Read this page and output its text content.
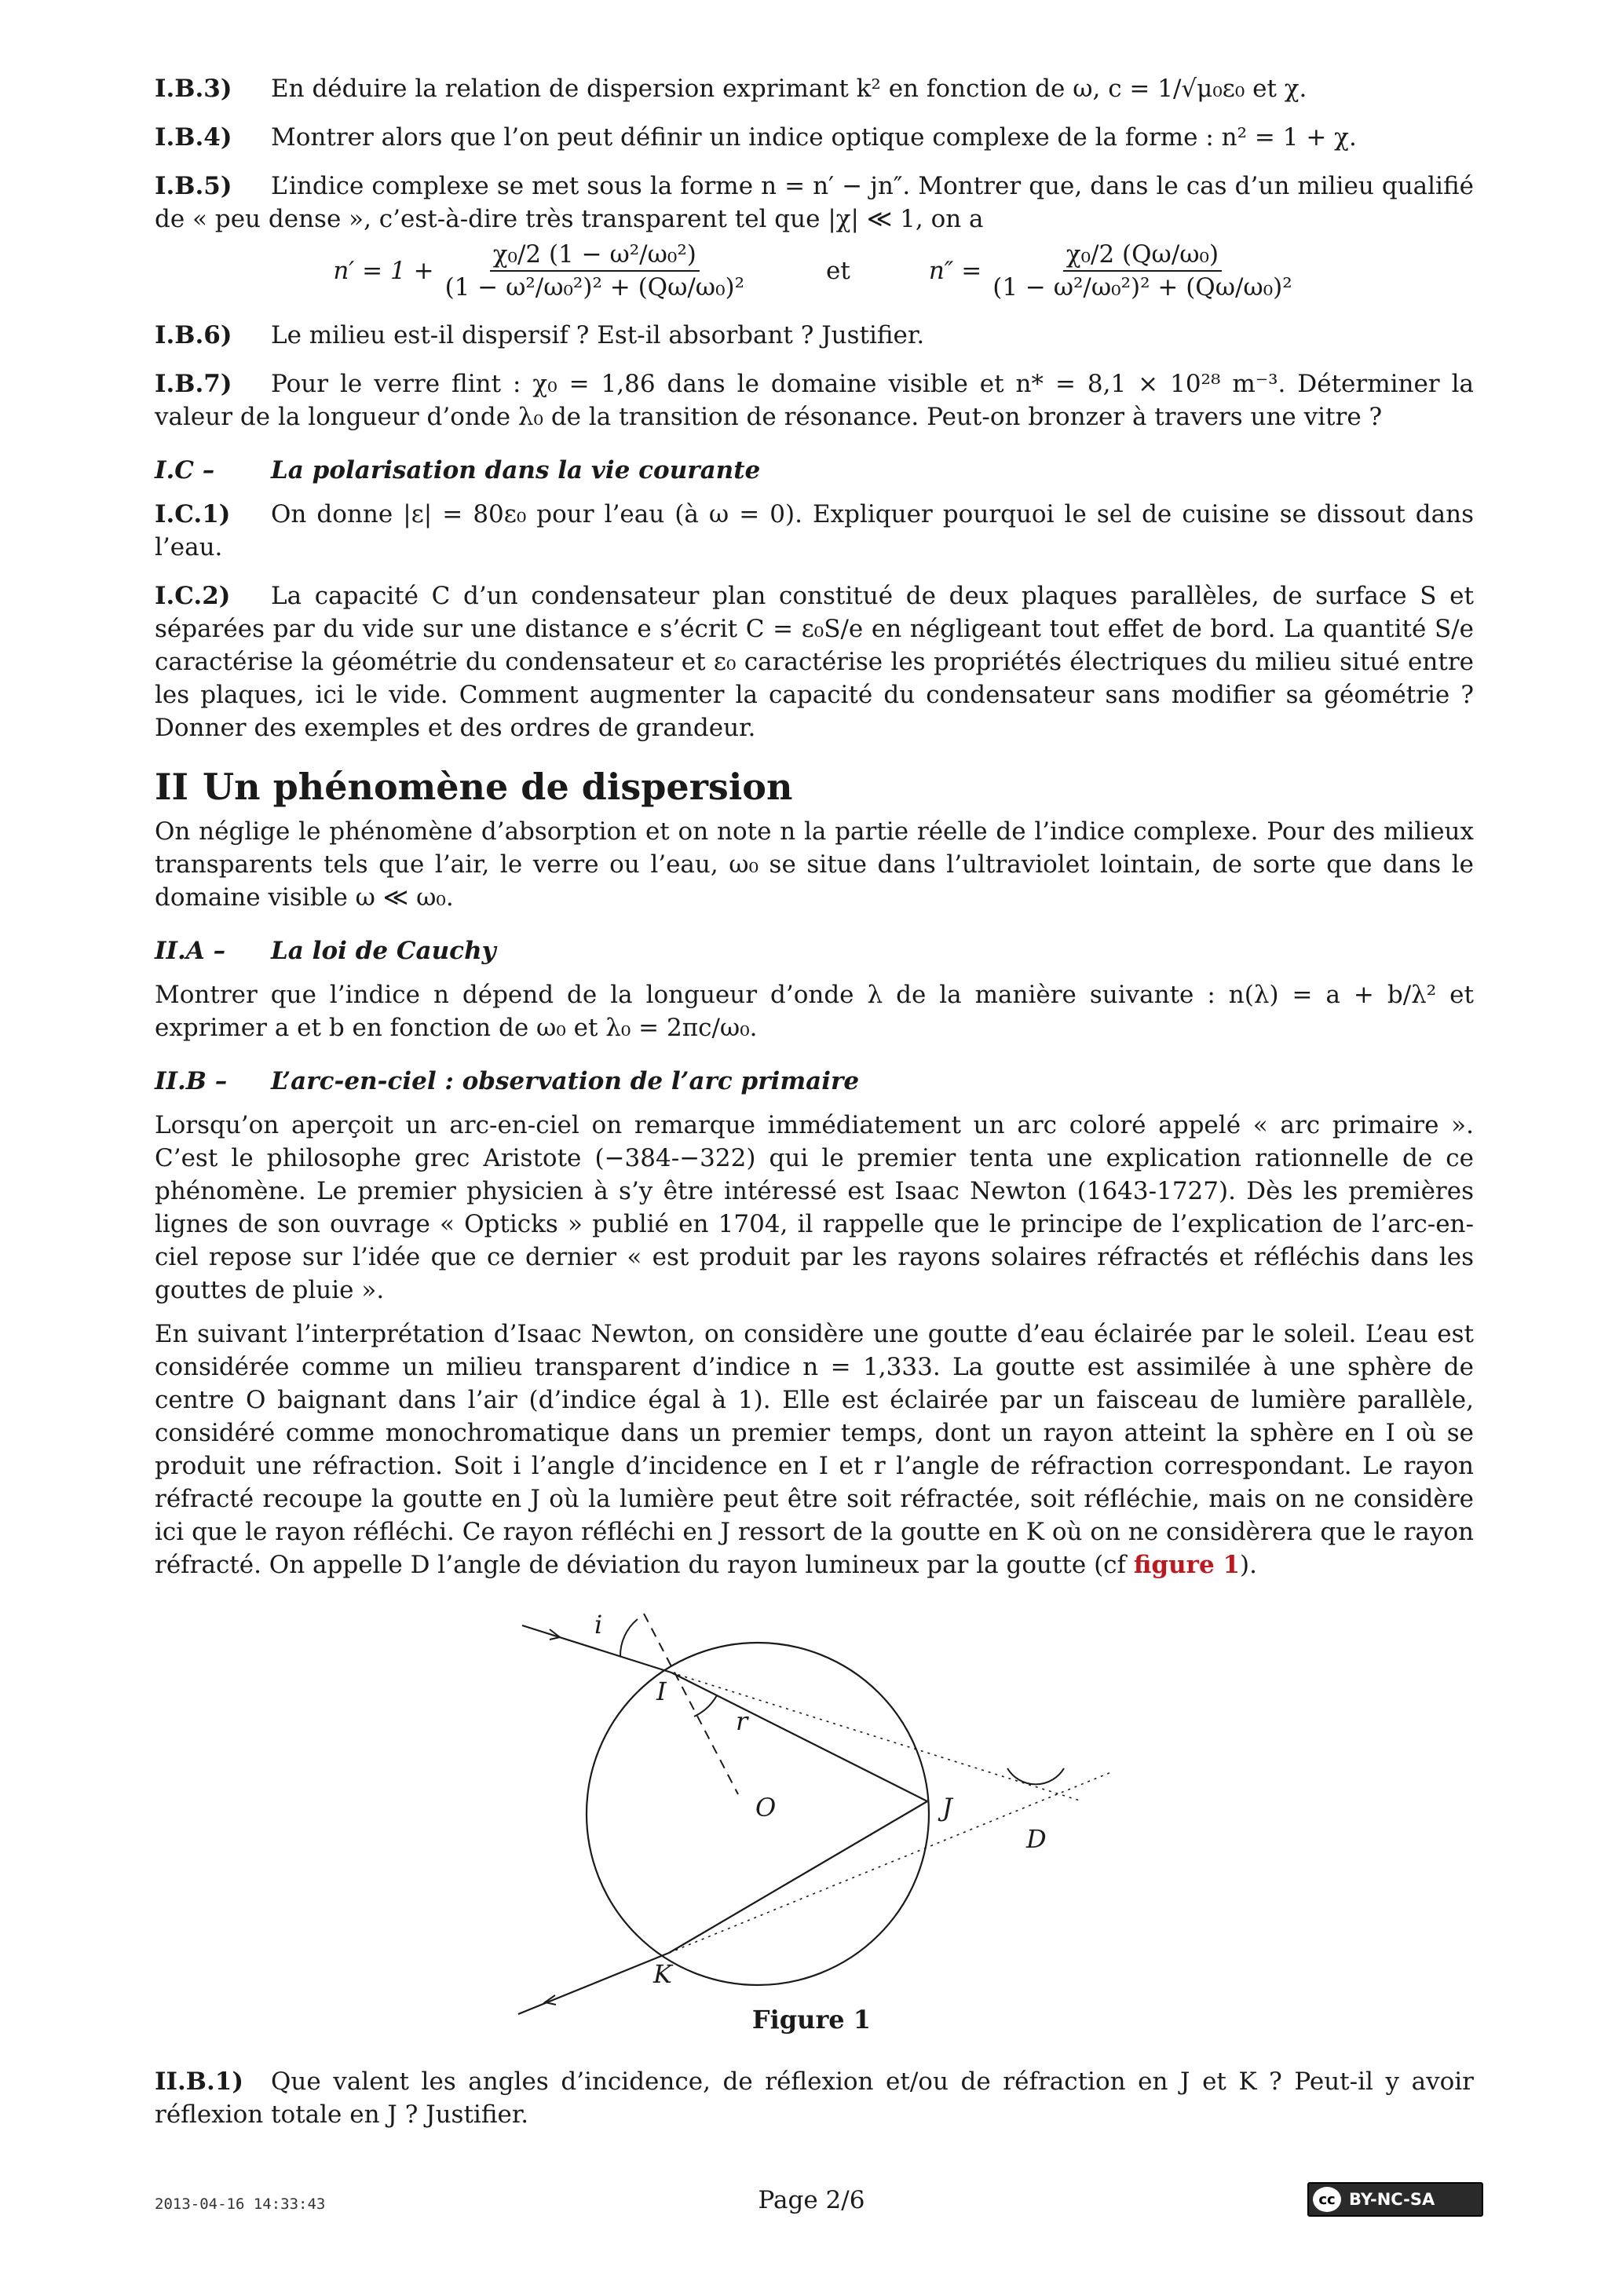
I.B.3) En déduire la relation de dispersion exprimant k² en fonction de ω, c = 1/√μ₀ε₀ et χ.

I.B.4) Montrer alors que l’on peut définir un indice optique complexe de la forme : n² = 1 + χ.

I.B.5) L’indice complexe se met sous la forme n = n′ − jn″. Montrer que, dans le cas d’un milieu qualifié de « peu dense », c’est-à-dire très transparent tel que |χ| ≪ 1, on a

$n' = 1 + \frac{\text{χ₀/2 (1 − ω²/ω₀²)}}{\text{(1 − ω²/ω₀²)² + (Qω/ω₀)²}}$	et	$n'' = \frac{\text{χ₀/2 (Qω/ω₀)}}{\text{(1 − ω²/ω₀²)² + (Qω/ω₀)²}}$

I.B.6) Le milieu est-il dispersif ? Est-il absorbant ? Justifier.

I.B.7) Pour le verre flint : χ₀ = 1,86 dans le domaine visible et n* = 8,1 × 10²⁸ m⁻³. Déterminer la valeur de la longueur d’onde λ₀ de la transition de résonance. Peut-on bronzer à travers une vitre ?

I.C – La polarisation dans la vie courante

I.C.1) On donne |ε| = 80ε₀ pour l’eau (à ω = 0). Expliquer pourquoi le sel de cuisine se dissout dans l’eau.

I.C.2) La capacité C d’un condensateur plan constitué de deux plaques parallèles, de surface S et séparées par du vide sur une distance e s’écrit C = ε₀S/e en négligeant tout effet de bord. La quantité S/e caractérise la géométrie du condensateur et ε₀ caractérise les propriétés électriques du milieu situé entre les plaques, ici le vide. Comment augmenter la capacité du condensateur sans modifier sa géométrie ? Donner des exemples et des ordres de grandeur.

II Un phénomène de dispersion

On néglige le phénomène d’absorption et on note n la partie réelle de l’indice complexe. Pour des milieux transparents tels que l’air, le verre ou l’eau, ω₀ se situe dans l’ultraviolet lointain, de sorte que dans le domaine visible ω ≪ ω₀.

II.A – La loi de Cauchy

Montrer que l’indice n dépend de la longueur d’onde λ de la manière suivante : n(λ) = a + b/λ² et exprimer a et b en fonction de ω₀ et λ₀ = 2πc/ω₀.

II.B – L’arc-en-ciel : observation de l’arc primaire

Lorsqu’on aperçoit un arc-en-ciel on remarque immédiatement un arc coloré appelé « arc primaire ». C’est le philosophe grec Aristote (−384-−322) qui le premier tenta une explication rationnelle de ce phénomène. Le premier physicien à s’y être intéressé est Isaac Newton (1643-1727). Dès les premières lignes de son ouvrage « Opticks » publié en 1704, il rappelle que le principe de l’explication de l’arc-en-ciel repose sur l’idée que ce dernier « est produit par les rayons solaires réfractés et réfléchis dans les gouttes de pluie ».

En suivant l’interprétation d’Isaac Newton, on considère une goutte d’eau éclairée par le soleil. L’eau est considérée comme un milieu transparent d’indice n = 1,333. La goutte est assimilée à une sphère de centre O baignant dans l’air (d’indice égal à 1). Elle est éclairée par un faisceau de lumière parallèle, considéré comme monochromatique dans un premier temps, dont un rayon atteint la sphère en I où se produit une réfraction. Soit i l’angle d’incidence en I et r l’angle de réfraction correspondant. Le rayon réfracté recoupe la goutte en J où la lumière peut être soit réfractée, soit réfléchie, mais on ne considère ici que le rayon réfléchi. Ce rayon réfléchi en J ressort de la goutte en K où on ne considèrera que le rayon réfracté. On appelle D l’angle de déviation du rayon lumineux par la goutte (cf figure 1).

i
I
r
O	J
D
K
Figure 1

II.B.1) Que valent les angles d’incidence, de réflexion et/ou de réfraction en J et K ? Peut-il y avoir réflexion totale en J ? Justifier.

2013-04-16 14:33:43	Page 2/6	cc BY-NC-SA
